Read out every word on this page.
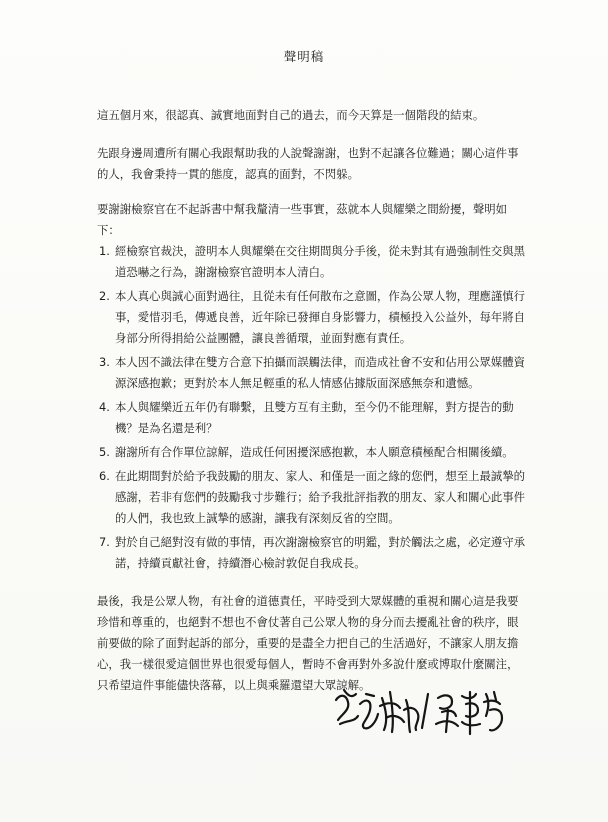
聲明稿

這五個月來，很認真、誠實地面對自己的過去，而今天算是一個階段的結束。

先跟身邊周遭所有關心我跟幫助我的人說聲謝謝，也對不起讓各位難過；關心這件事的人，我會秉持一貫的態度，認真的面對，不閃躲。

要謝謝檢察官在不起訴書中幫我釐清一些事實，茲就本人與耀樂之間紛擾，聲明如下：

1. 經檢察官裁決，證明本人與耀樂在交往期間與分手後，從未對其有過強制性交與黑道恐嚇之行為，謝謝檢察官證明本人清白。
2. 本人真心與誠心面對過往，且從未有任何散布之意圖，作為公眾人物，理應謹慎行事，愛惜羽毛，傳遞良善，近年除已發揮自身影響力，積極投入公益外，每年將自身部分所得捐給公益團體，讓良善循環，並面對應有責任。
3. 本人因不識法律在雙方合意下拍攝而誤觸法律，而造成社會不安和佔用公眾媒體資源深感抱歉；更對於本人無足輕重的私人情感佔據版面深感無奈和遺憾。
4. 本人與耀樂近五年仍有聯繫，且雙方互有主動，至今仍不能理解，對方提告的動機？是為名還是利？
5. 謝謝所有合作單位諒解，造成任何困擾深感抱歉，本人願意積極配合相關後續。
6. 在此期間對於給予我鼓勵的朋友、家人、和僅是一面之緣的您們，想至上最誠摯的感謝，若非有您們的鼓勵我寸步難行；給予我批評指教的朋友、家人和關心此事件的人們，我也致上誠摯的感謝，讓我有深刻反省的空間。
7. 對於自己絕對沒有做的事情，再次謝謝檢察官的明鑑，對於觸法之處，必定遵守承諾，持續貢獻社會，持續潛心檢討敦促自我成長。

最後，我是公眾人物，有社會的道德責任，平時受到大眾媒體的重視和關心這是我要珍惜和尊重的，也絕對不想也不會仗著自己公眾人物的身分而去擾亂社會的秩序，眼前要做的除了面對起訴的部分，重要的是盡全力把自己的生活過好，不讓家人朋友擔心，我一樣很愛這個世界也很愛每個人，暫時不會再對外多說什麼或博取什麼關注，只希望這件事能儘快落幕，以上與乘羅還望大眾諒解。
